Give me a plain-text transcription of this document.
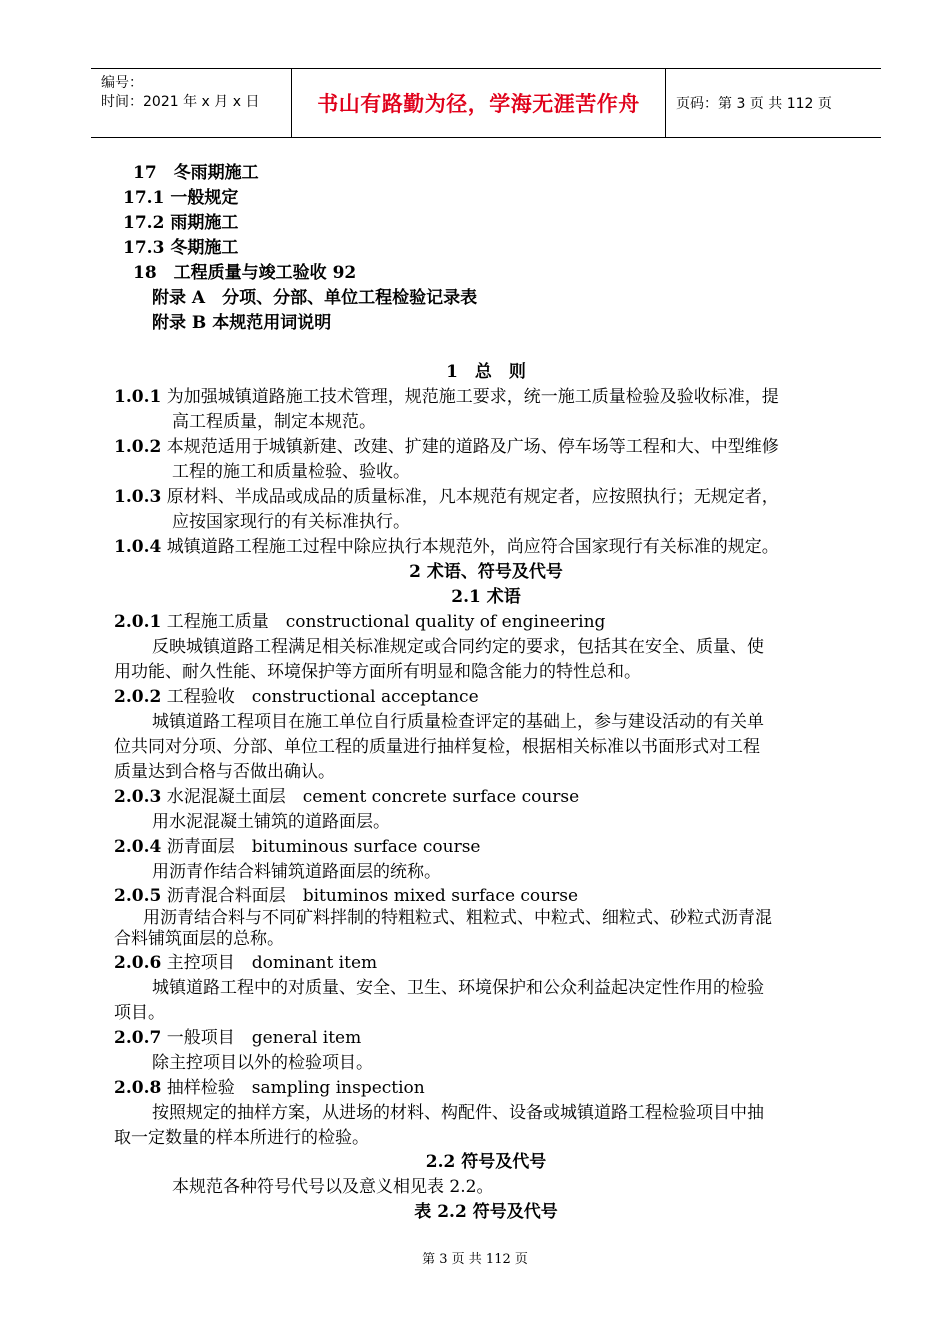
编号：
时间：2021 年 x 月 x 日	书山有路勤为径，学海无涯苦作舟	页码：第 3 页 共 112 页
17　冬雨期施工
17.1 一般规定
17.2 雨期施工
17.3 冬期施工
18　工程质量与竣工验收 92
附录 A　分项、分部、单位工程检验记录表
附录 B 本规范用词说明
1　总　则
1.0.1 为加强城镇道路施工技术管理，规范施工要求，统一施工质量检验及验收标准，提
高工程质量，制定本规范。
1.0.2 本规范适用于城镇新建、改建、扩建的道路及广场、停车场等工程和大、中型维修
工程的施工和质量检验、验收。
1.0.3 原材料、半成品或成品的质量标准，凡本规范有规定者，应按照执行；无规定者，
应按国家现行的有关标准执行。
1.0.4 城镇道路工程施工过程中除应执行本规范外，尚应符合国家现行有关标准的规定。
2 术语、符号及代号
2.1 术语
2.0.1 工程施工质量　constructional quality of engineering
反映城镇道路工程满足相关标准规定或合同约定的要求，包括其在安全、质量、使
用功能、耐久性能、环境保护等方面所有明显和隐含能力的特性总和。
2.0.2 工程验收　constructional acceptance
城镇道路工程项目在施工单位自行质量检查评定的基础上，参与建设活动的有关单
位共同对分项、分部、单位工程的质量进行抽样复检，根据相关标准以书面形式对工程
质量达到合格与否做出确认。
2.0.3 水泥混凝土面层　cement concrete surface course
用水泥混凝土铺筑的道路面层。
2.0.4 沥青面层　bituminous surface course
用沥青作结合料铺筑道路面层的统称。
2.0.5 沥青混合料面层　bituminos mixed surface course
用沥青结合料与不同矿料拌制的特粗粒式、粗粒式、中粒式、细粒式、砂粒式沥青混
合料铺筑面层的总称。
2.0.6 主控项目　dominant item
城镇道路工程中的对质量、安全、卫生、环境保护和公众利益起决定性作用的检验
项目。
2.0.7 一般项目　general item
除主控项目以外的检验项目。
2.0.8 抽样检验　sampling inspection
按照规定的抽样方案，从进场的材料、构配件、设备或城镇道路工程检验项目中抽
取一定数量的样本所进行的检验。
2.2 符号及代号
本规范各种符号代号以及意义相见表 2.2。
表 2.2 符号及代号
第 3 页 共 112 页
